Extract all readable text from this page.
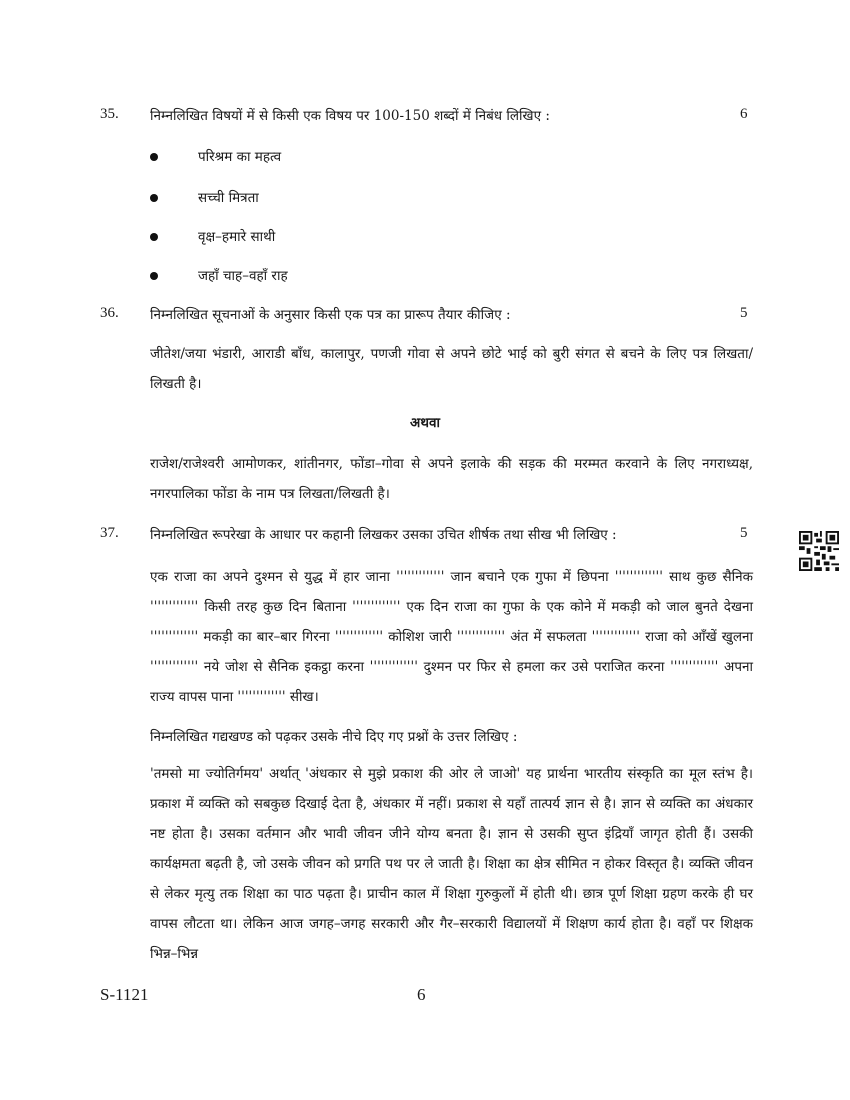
35. निम्नलिखित विषयों में से किसी एक विषय पर 100-150 शब्दों में निबंध लिखिए :	6
परिश्रम का महत्व
सच्ची मित्रता
वृक्ष–हमारे साथी
जहाँ चाह–वहाँ राह
36. निम्नलिखित सूचनाओं के अनुसार किसी एक पत्र का प्रारूप तैयार कीजिए :	5
जीतेश/जया भंडारी, आराडी बाँध, कालापुर, पणजी गोवा से अपने छोटे भाई को बुरी संगत से बचने के लिए पत्र लिखता/लिखती है।
अथवा
राजेश/राजेश्वरी आमोणकर, शांतीनगर, फोंडा–गोवा से अपने इलाके की सड़क की मरम्मत करवाने के लिए नगराध्यक्ष, नगरपालिका फोंडा के नाम पत्र लिखता/लिखती है।
37. निम्नलिखित रूपरेखा के आधार पर कहानी लिखकर उसका उचित शीर्षक तथा सीख भी लिखिए :	5
एक राजा का अपने दुश्मन से युद्ध में हार जाना ''''''''''''' जान बचाने एक गुफा में छिपना ''''''''''''' साथ कुछ सैनिक ''''''''''''' किसी तरह कुछ दिन बिताना ''''''''''''' एक दिन राजा का गुफा के एक कोने में मकड़ी को जाल बुनते देखना ''''''''''''' मकड़ी का बार–बार गिरना ''''''''''''' कोशिश जारी ''''''''''''' अंत में सफलता ''''''''''''' राजा को आँखें खुलना ''''''''''''' नये जोश से सैनिक इकट्ठा करना ''''''''''''' दुश्मन पर फिर से हमला कर उसे पराजित करना ''''''''''''' अपना राज्य वापस पाना ''''''''''''' सीख।
निम्नलिखित गद्यखण्ड को पढ़कर उसके नीचे दिए गए प्रश्नों के उत्तर लिखिए :
'तमसो मा ज्योतिर्गमय' अर्थात् 'अंधकार से मुझे प्रकाश की ओर ले जाओ' यह प्रार्थना भारतीय संस्कृति का मूल स्तंभ है। प्रकाश में व्यक्ति को सबकुछ दिखाई देता है, अंधकार में नहीं। प्रकाश से यहाँ तात्पर्य ज्ञान से है। ज्ञान से व्यक्ति का अंधकार नष्ट होता है। उसका वर्तमान और भावी जीवन जीने योग्य बनता है। ज्ञान से उसकी सुप्त इंद्रियाँ जागृत होती हैं। उसकी कार्यक्षमता बढ़ती है, जो उसके जीवन को प्रगति पथ पर ले जाती है। शिक्षा का क्षेत्र सीमित न होकर विस्तृत है। व्यक्ति जीवन से लेकर मृत्यु तक शिक्षा का पाठ पढ़ता है। प्राचीन काल में शिक्षा गुरुकुलों में होती थी। छात्र पूर्ण शिक्षा ग्रहण करके ही घर वापस लौटता था। लेकिन आज जगह–जगह सरकारी और गैर–सरकारी विद्यालयों में शिक्षण कार्य होता है। वहाँ पर शिक्षक भिन्न–भिन्न
S-1121	6
